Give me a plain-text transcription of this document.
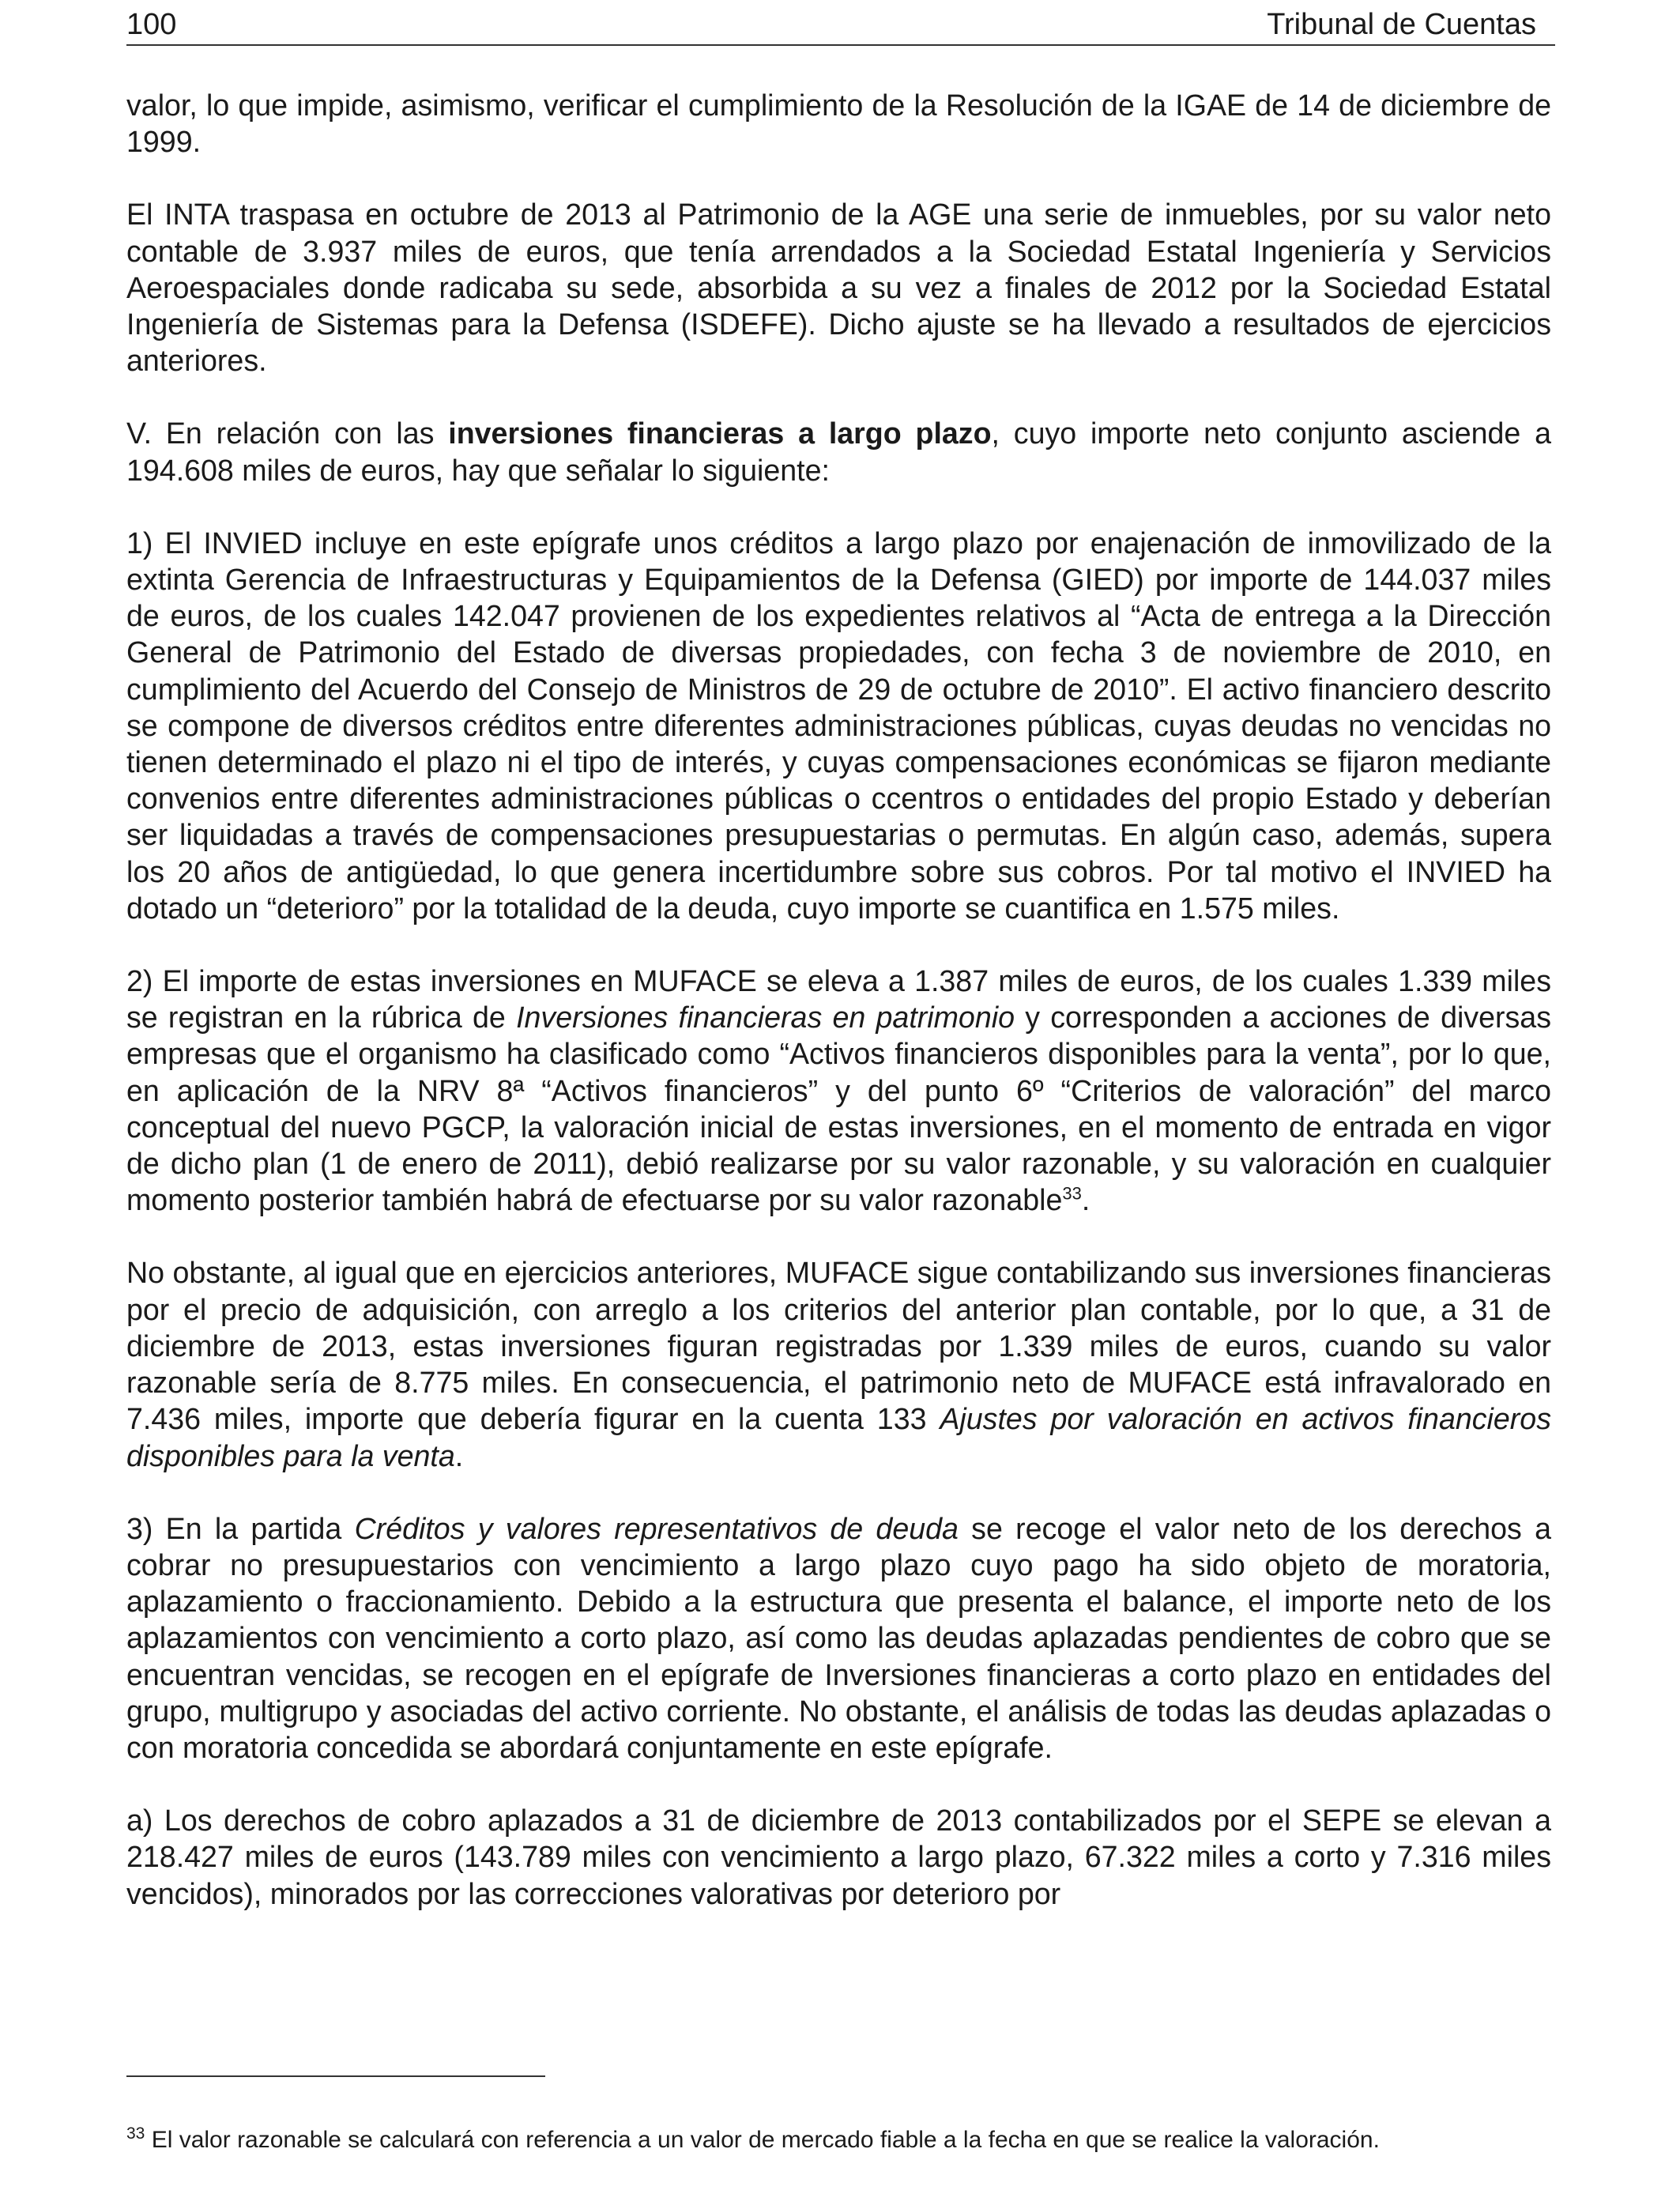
100	Tribunal de Cuentas

valor, lo que impide, asimismo, verificar el cumplimiento de la Resolución de la IGAE de 14 de diciembre de 1999.

El INTA traspasa en octubre de 2013 al Patrimonio de la AGE una serie de inmuebles, por su valor neto contable de 3.937 miles de euros, que tenía arrendados a la Sociedad Estatal Ingeniería y Servicios Aeroespaciales donde radicaba su sede, absorbida a su vez a finales de 2012 por la Sociedad Estatal Ingeniería de Sistemas para la Defensa (ISDEFE). Dicho ajuste se ha llevado a resultados de ejercicios anteriores.

V. En relación con las inversiones financieras a largo plazo, cuyo importe neto conjunto asciende a 194.608 miles de euros, hay que señalar lo siguiente:

1) El INVIED incluye en este epígrafe unos créditos a largo plazo por enajenación de inmovilizado de la extinta Gerencia de Infraestructuras y Equipamientos de la Defensa (GIED) por importe de 144.037 miles de euros, de los cuales 142.047 provienen de los expedientes relativos al “Acta de entrega a la Dirección General de Patrimonio del Estado de diversas propiedades, con fecha 3 de noviembre de 2010, en cumplimiento del Acuerdo del Consejo de Ministros de 29 de octubre de 2010”. El activo financiero descrito se compone de diversos créditos entre diferentes administraciones públicas, cuyas deudas no vencidas no tienen determinado el plazo ni el tipo de interés, y cuyas compensaciones económicas se fijaron mediante convenios entre diferentes administraciones públicas o ccentros o entidades del propio Estado y deberían ser liquidadas a través de compensaciones presupuestarias o permutas. En algún caso, además, supera los 20 años de antigüedad, lo que genera incertidumbre sobre sus cobros. Por tal motivo el INVIED ha dotado un “deterioro” por la totalidad de la deuda, cuyo importe se cuantifica en 1.575 miles.

2) El importe de estas inversiones en MUFACE se eleva a 1.387 miles de euros, de los cuales 1.339 miles se registran en la rúbrica de Inversiones financieras en patrimonio y corresponden a acciones de diversas empresas que el organismo ha clasificado como “Activos financieros disponibles para la venta”, por lo que, en aplicación de la NRV 8ª “Activos financieros” y del punto 6º “Criterios de valoración” del marco conceptual del nuevo PGCP, la valoración inicial de estas inversiones, en el momento de entrada en vigor de dicho plan (1 de enero de 2011), debió realizarse por su valor razonable, y su valoración en cualquier momento posterior también habrá de efectuarse por su valor razonable$^{33}$.

No obstante, al igual que en ejercicios anteriores, MUFACE sigue contabilizando sus inversiones financieras por el precio de adquisición, con arreglo a los criterios del anterior plan contable, por lo que, a 31 de diciembre de 2013, estas inversiones figuran registradas por 1.339 miles de euros, cuando su valor razonable sería de 8.775 miles. En consecuencia, el patrimonio neto de MUFACE está infravalorado en 7.436 miles, importe que debería figurar en la cuenta 133 Ajustes por valoración en activos financieros disponibles para la venta.

3) En la partida Créditos y valores representativos de deuda se recoge el valor neto de los derechos a cobrar no presupuestarios con vencimiento a largo plazo cuyo pago ha sido objeto de moratoria, aplazamiento o fraccionamiento. Debido a la estructura que presenta el balance, el importe neto de los aplazamientos con vencimiento a corto plazo, así como las deudas aplazadas pendientes de cobro que se encuentran vencidas, se recogen en el epígrafe de Inversiones financieras a corto plazo en entidades del grupo, multigrupo y asociadas del activo corriente. No obstante, el análisis de todas las deudas aplazadas o con moratoria concedida se abordará conjuntamente en este epígrafe.

a) Los derechos de cobro aplazados a 31 de diciembre de 2013 contabilizados por el SEPE se elevan a 218.427 miles de euros (143.789 miles con vencimiento a largo plazo, 67.322 miles a corto y 7.316 miles vencidos), minorados por las correcciones valorativas por deterioro por

$^{33}$ El valor razonable se calculará con referencia a un valor de mercado fiable a la fecha en que se realice la valoración.
